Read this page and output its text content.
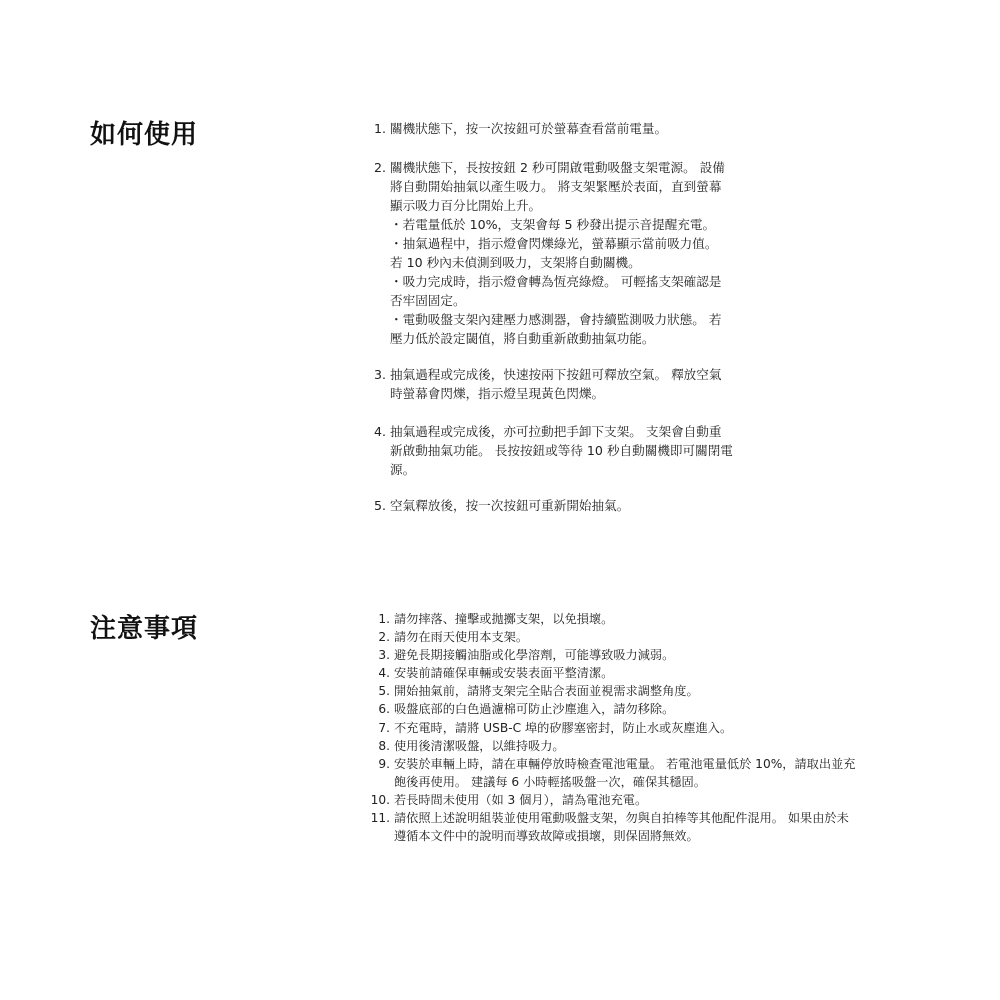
如何使用	1. 關機狀態下，按一次按鈕可於螢幕查看當前電量。
2. 關機狀態下，長按按鈕 2 秒可開啟電動吸盤支架電源。 設備
將自動開始抽氣以產生吸力。 將支架緊壓於表面，直到螢幕
顯示吸力百分比開始上升。
・若電量低於 10%，支架會每 5 秒發出提示音提醒充電。
・抽氣過程中，指示燈會閃爍綠光，螢幕顯示當前吸力值。
若 10 秒內未偵測到吸力，支架將自動關機。
・吸力完成時，指示燈會轉為恆亮綠燈。 可輕搖支架確認是
否牢固固定。
・電動吸盤支架內建壓力感測器，會持續監測吸力狀態。 若
壓力低於設定閾值，將自動重新啟動抽氣功能。
3. 抽氣過程或完成後，快速按兩下按鈕可釋放空氣。 釋放空氣
時螢幕會閃爍，指示燈呈現黃色閃爍。
4. 抽氣過程或完成後，亦可拉動把手卸下支架。 支架會自動重
新啟動抽氣功能。 長按按鈕或等待 10 秒自動關機即可關閉電
源。
5. 空氣釋放後，按一次按鈕可重新開始抽氣。
注意事項	1. 請勿摔落、撞擊或拋擲支架，以免損壞。
2. 請勿在雨天使用本支架。
3. 避免長期接觸油脂或化學溶劑，可能導致吸力減弱。
4. 安裝前請確保車輛或安裝表面平整清潔。
5. 開始抽氣前，請將支架完全貼合表面並視需求調整角度。
6. 吸盤底部的白色過濾棉可防止沙塵進入，請勿移除。
7. 不充電時，請將 USB-C 埠的矽膠塞密封，防止水或灰塵進入。
8. 使用後清潔吸盤，以維持吸力。
9. 安裝於車輛上時，請在車輛停放時檢查電池電量。 若電池電量低於 10%，請取出並充
飽後再使用。 建議每 6 小時輕搖吸盤一次，確保其穩固。
10. 若長時間未使用（如 3 個月），請為電池充電。
11. 請依照上述說明組裝並使用電動吸盤支架，勿與自拍棒等其他配件混用。 如果由於未
遵循本文件中的說明而導致故障或損壞，則保固將無效。
